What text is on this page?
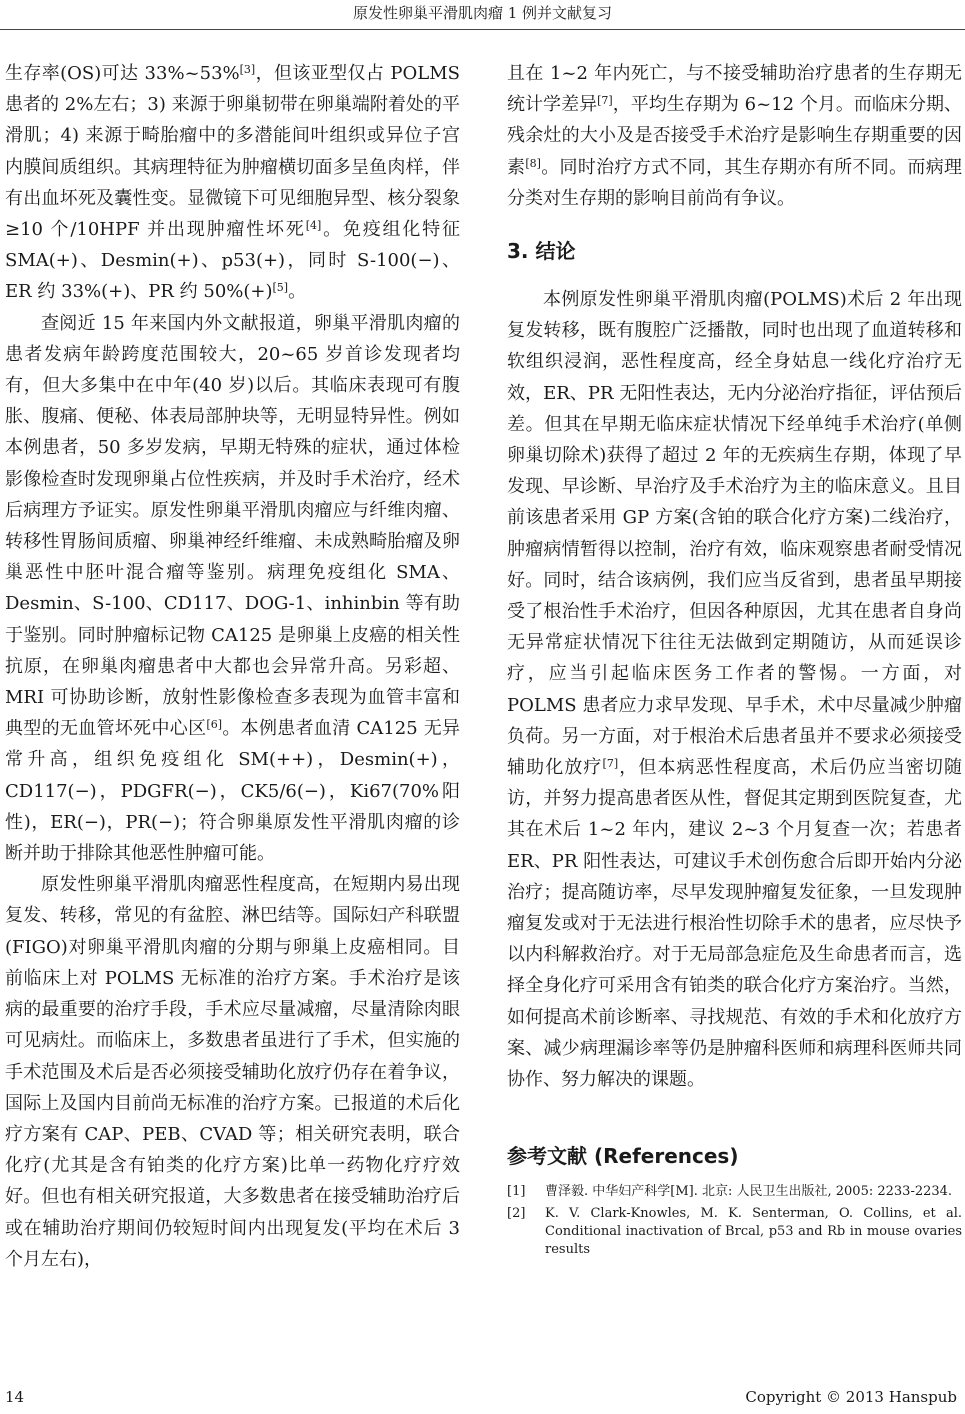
原发性卵巢平滑肌肉瘤 1 例并文献复习

生存率(OS)可达 33%~53%[3]，但该亚型仅占 POLMS 患者的 2%左右；3) 来源于卵巢韧带在卵巢端附着处的平滑肌；4) 来源于畸胎瘤中的多潜能间叶组织或异位子宫内膜间质组织。其病理特征为肿瘤横切面多呈鱼肉样，伴有出血坏死及囊性变。显微镜下可见细胞异型、核分裂象 ≥10 个/10HPF 并出现肿瘤性坏死[4]。免疫组化特征 SMA(+)、Desmin(+)、p53(+)，同时 S-100(−)、ER 约 33%(+)、PR 约 50%(+)[5]。

查阅近 15 年来国内外文献报道，卵巢平滑肌肉瘤的患者发病年龄跨度范围较大，20~65 岁首诊发现者均有，但大多集中在中年(40 岁)以后。其临床表现可有腹胀、腹痛、便秘、体表局部肿块等，无明显特异性。例如本例患者，50 多岁发病，早期无特殊的症状，通过体检影像检查时发现卵巢占位性疾病，并及时手术治疗，经术后病理方予证实。原发性卵巢平滑肌肉瘤应与纤维肉瘤、转移性胃肠间质瘤、卵巢神经纤维瘤、未成熟畸胎瘤及卵巢恶性中胚叶混合瘤等鉴别。病理免疫组化 SMA、Desmin、S-100、CD117、DOG-1、inhinbin 等有助于鉴别。同时肿瘤标记物 CA125 是卵巢上皮癌的相关性抗原，在卵巢肉瘤患者中大都也会异常升高。另彩超、MRI 可协助诊断，放射性影像检查多表现为血管丰富和典型的无血管坏死中心区[6]。本例患者血清 CA125 无异常升高，组织免疫组化 SM(++)，Desmin(+)，CD117(−)，PDGFR(−)，CK5/6(−)，Ki67(70%阳性)，ER(−)，PR(−)；符合卵巢原发性平滑肌肉瘤的诊断并助于排除其他恶性肿瘤可能。

原发性卵巢平滑肌肉瘤恶性程度高，在短期内易出现复发、转移，常见的有盆腔、淋巴结等。国际妇产科联盟(FIGO)对卵巢平滑肌肉瘤的分期与卵巢上皮癌相同。目前临床上对 POLMS 无标准的治疗方案。手术治疗是该病的最重要的治疗手段，手术应尽量减瘤，尽量清除肉眼可见病灶。而临床上，多数患者虽进行了手术，但实施的手术范围及术后是否必须接受辅助化放疗仍存在着争议，国际上及国内目前尚无标准的治疗方案。已报道的术后化疗方案有 CAP、PEB、CVAD 等；相关研究表明，联合化疗(尤其是含有铂类的化疗方案)比单一药物化疗疗效好。但也有相关研究报道，大多数患者在接受辅助治疗后或在辅助治疗期间仍较短时间内出现复发(平均在术后 3 个月左右)，

且在 1~2 年内死亡，与不接受辅助治疗患者的生存期无统计学差异[7]，平均生存期为 6~12 个月。而临床分期、残余灶的大小及是否接受手术治疗是影响生存期重要的因素[8]。同时治疗方式不同，其生存期亦有所不同。而病理分类对生存期的影响目前尚有争议。

3. 结论

本例原发性卵巢平滑肌肉瘤(POLMS)术后 2 年出现复发转移，既有腹腔广泛播散，同时也出现了血道转移和软组织浸润，恶性程度高，经全身姑息一线化疗治疗无效，ER、PR 无阳性表达，无内分泌治疗指征，评估预后差。但其在早期无临床症状情况下经单纯手术治疗(单侧卵巢切除术)获得了超过 2 年的无疾病生存期，体现了早发现、早诊断、早治疗及手术治疗为主的临床意义。且目前该患者采用 GP 方案(含铂的联合化疗方案)二线治疗，肿瘤病情暂得以控制，治疗有效，临床观察患者耐受情况好。同时，结合该病例，我们应当反省到，患者虽早期接受了根治性手术治疗，但因各种原因，尤其在患者自身尚无异常症状情况下往往无法做到定期随访，从而延误诊疗，应当引起临床医务工作者的警惕。一方面，对 POLMS 患者应力求早发现、早手术，术中尽量减少肿瘤负荷。另一方面，对于根治术后患者虽并不要求必须接受辅助化放疗[7]，但本病恶性程度高，术后仍应当密切随访，并努力提高患者医从性，督促其定期到医院复查，尤其在术后 1~2 年内，建议 2~3 个月复查一次；若患者 ER、PR 阳性表达，可建议手术创伤愈合后即开始内分泌治疗；提高随访率，尽早发现肿瘤复发征象，一旦发现肿瘤复发或对于无法进行根治性切除手术的患者，应尽快予以内科解救治疗。对于无局部急症危及生命患者而言，选择全身化疗可采用含有铂类的联合化疗方案治疗。当然，如何提高术前诊断率、寻找规范、有效的手术和化放疗方案、减少病理漏诊率等仍是肿瘤科医师和病理科医师共同协作、努力解决的课题。

参考文献 (References)
[1]	曹泽毅. 中华妇产科学[M]. 北京: 人民卫生出版社, 2005: 2233-2234.
[2]	K. V. Clark-Knowles, M. K. Senterman, O. Collins, et al. Conditional inactivation of Brcal, p53 and Rb in mouse ovaries results
14	Copyright © 2013 Hanspub
